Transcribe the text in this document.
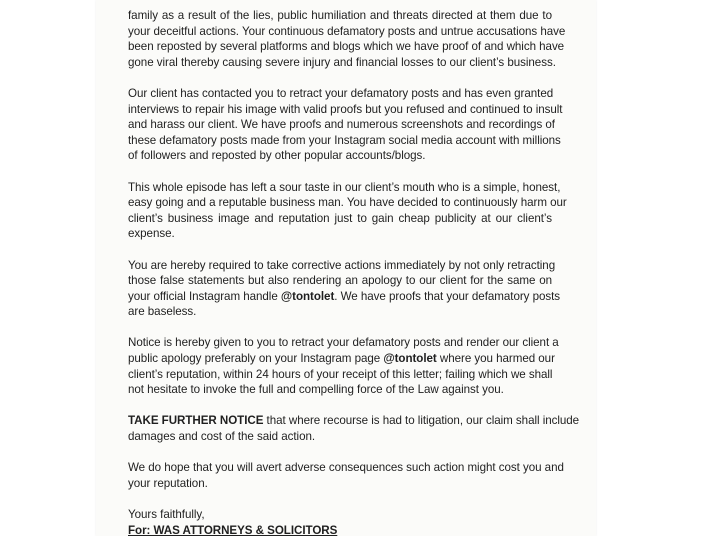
family as a result of the lies, public humiliation and threats directed at them due to
your deceitful actions. Your continuous defamatory posts and untrue accusations have
been reposted by several platforms and blogs which we have proof of and which have
gone viral thereby causing severe injury and financial losses to our client’s business.
Our client has contacted you to retract your defamatory posts and has even granted
interviews to repair his image with valid proofs but you refused and continued to insult
and harass our client. We have proofs and numerous screenshots and recordings of
these defamatory posts made from your Instagram social media account with millions
of followers and reposted by other popular accounts/blogs.
This whole episode has left a sour taste in our client’s mouth who is a simple, honest,
easy going and a reputable business man. You have decided to continuously harm our
client’s business image and reputation just to gain cheap publicity at our client’s
expense.
You are hereby required to take corrective actions immediately by not only retracting
those false statements but also rendering an apology to our client for the same on
your official Instagram handle @tontolet. We have proofs that your defamatory posts
are baseless.
Notice is hereby given to you to retract your defamatory posts and render our client a
public apology preferably on your Instagram page @tontolet where you harmed our
client’s reputation, within 24 hours of your receipt of this letter; failing which we shall
not hesitate to invoke the full and compelling force of the Law against you.
TAKE FURTHER NOTICE that where recourse is had to litigation, our claim shall include
damages and cost of the said action.
We do hope that you will avert adverse consequences such action might cost you and
your reputation.
Yours faithfully,
For: WAS ATTORNEYS & SOLICITORS
